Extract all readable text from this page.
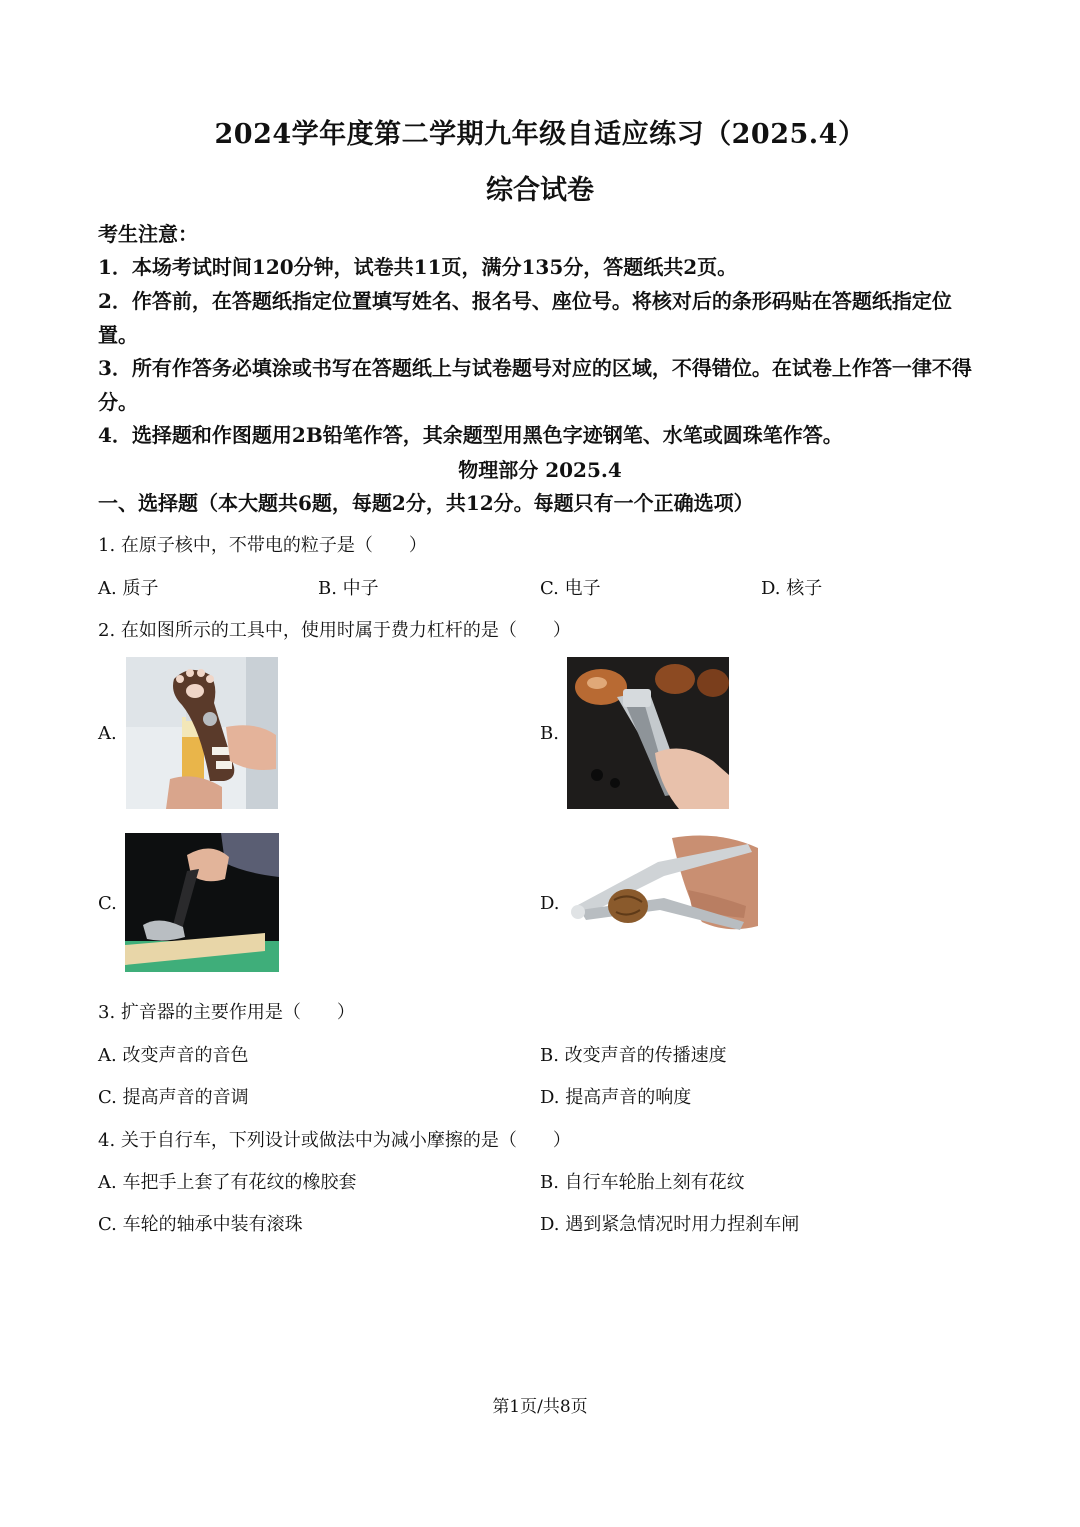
2024学年度第二学期九年级自适应练习（2025.4）
综合试卷
考生注意：
1．本场考试时间120分钟，试卷共11页，满分135分，答题纸共2页。
2．作答前，在答题纸指定位置填写姓名、报名号、座位号。将核对后的条形码贴在答题纸指定位置。
3．所有作答务必填涂或书写在答题纸上与试卷题号对应的区域，不得错位。在试卷上作答一律不得分。
4．选择题和作图题用2B铅笔作答，其余题型用黑色字迹钢笔、水笔或圆珠笔作答。
物理部分 2025.4
一、选择题（本大题共6题，每题2分，共12分。每题只有一个正确选项）
1. 在原子核中，不带电的粒子是（　　）
A. 质子	B. 中子	C. 电子	D. 核子
2. 在如图所示的工具中，使用时属于费力杠杆的是（　　）
A.	B.
C.	D.
3. 扩音器的主要作用是（　　）
A. 改变声音的音色	B. 改变声音的传播速度
C. 提高声音的音调	D. 提高声音的响度
4. 关于自行车，下列设计或做法中为减小摩擦的是（　　）
A. 车把手上套了有花纹的橡胶套	B. 自行车轮胎上刻有花纹
C. 车轮的轴承中装有滚珠	D. 遇到紧急情况时用力捏刹车闸
第1页/共8页
